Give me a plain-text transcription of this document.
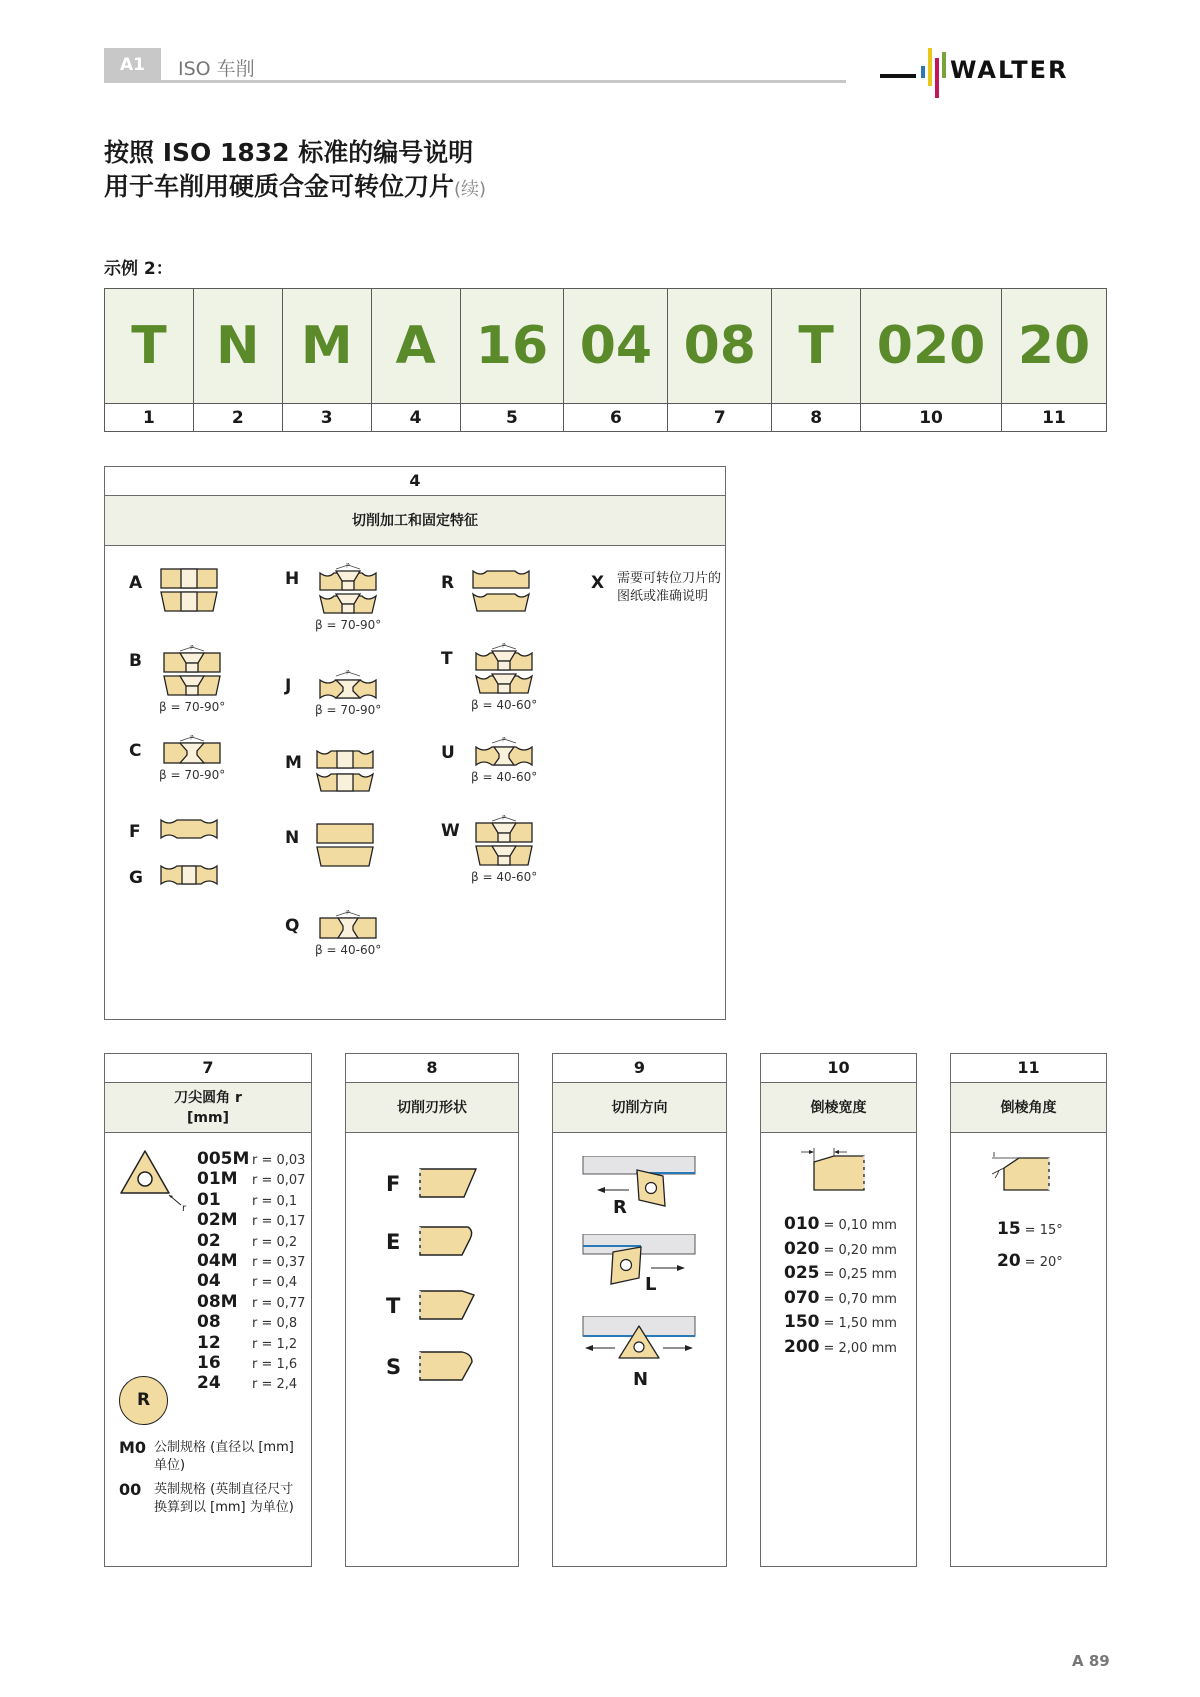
A1	ISO 车削	WALTER
按照 ISO 1832 标准的编号说明
用于车削用硬质合金可转位刀片(续)
示例 2：
T	N	M	A	16	04	08	T	020	20
1	2	3	4	5	6	7	8	10	11
4
切削加工和固定特征
A
B
β = 70-90°
C
β = 70-90°
F
G
H
β = 70-90°
J
β = 70-90°
M
N
Q
β = 40-60°
R
T
β = 40-60°
U
β = 40-60°
W
β = 40-60°
X 需要可转位刀片的图纸或准确说明
7
刀尖圆角 r
[mm]
r
005M r = 0,03
01M	r = 0,07
01	r = 0,1
02M	r = 0,17
02	r = 0,2
04M	r = 0,37
04	r = 0,4
08M	r = 0,77
08	r = 0,8
12	r = 1,2
16	r = 1,6
24	r = 2,4
R
M0 公制规格 (直径以 [mm] 单位)
00 英制规格 (英制直径尺寸换算到以 [mm] 为单位)
8
切削刃形状
F
E
T
S
9
切削方向
R
L
N
10
倒棱宽度
010 = 0,10 mm
020 = 0,20 mm
025 = 0,25 mm
070 = 0,70 mm
150 = 1,50 mm
200 = 2,00 mm
11
倒棱角度
15 = 15°
20 = 20°
A 89
